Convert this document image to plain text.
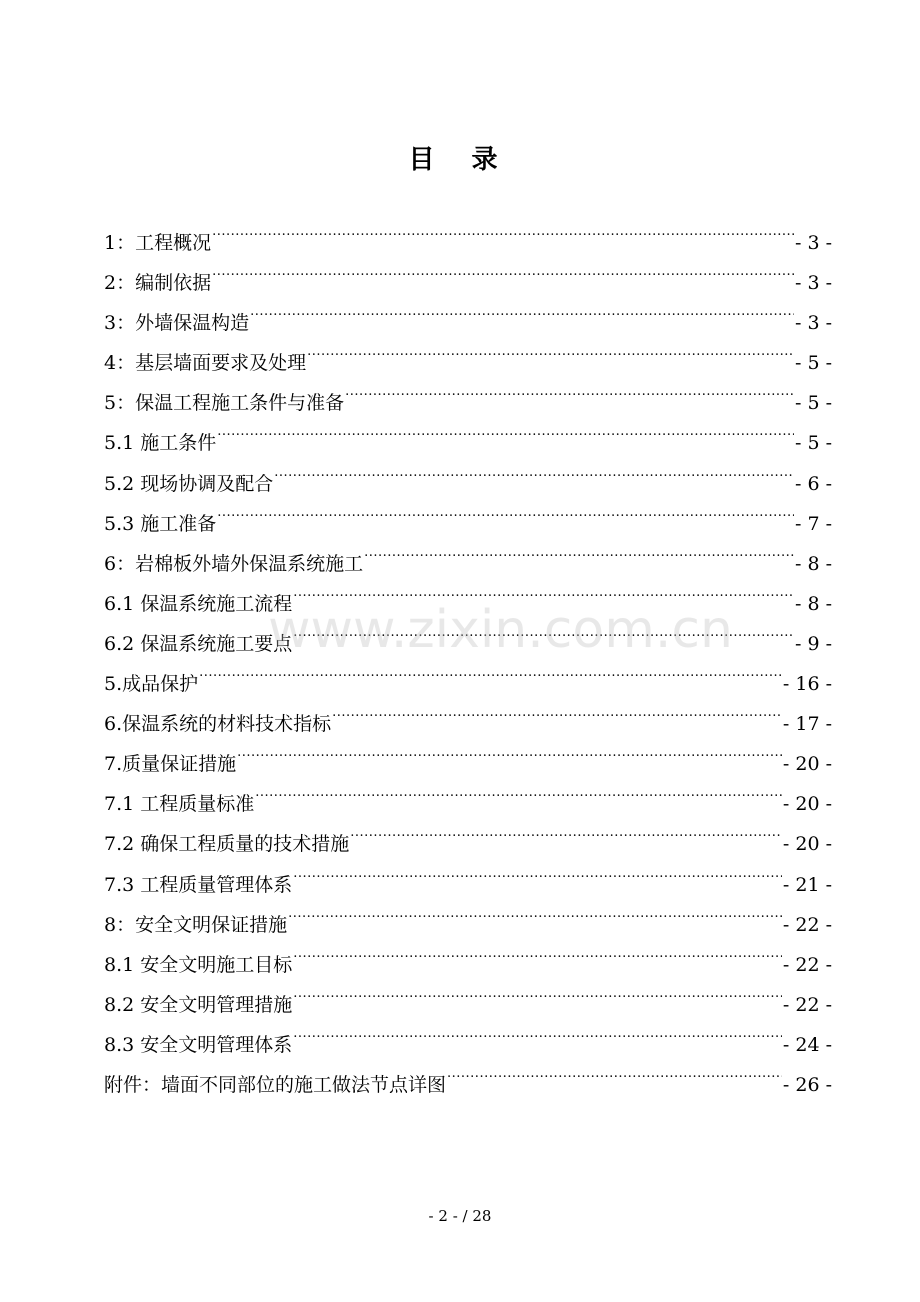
目 录
1：工程概况 .....	- 3 -
2：编制依据 .....	- 3 -
3：外墙保温构造 .....	- 3 -
4：基层墙面要求及处理 .....	- 5 -
5：保温工程施工条件与准备 .....	- 5 -
5.1 施工条件 .....	- 5 -
5.2 现场协调及配合 .....	- 6 -
5.3 施工准备 .....	- 7 -
6：岩棉板外墙外保温系统施工 .....	- 8 -
6.1 保温系统施工流程 .....	- 8 -
6.2 保温系统施工要点 .....	- 9 -
5.成品保护 .....	- 16 -
6.保温系统的材料技术指标 .....	- 17 -
7.质量保证措施 .....	- 20 -
7.1 工程质量标准 .....	- 20 -
7.2 确保工程质量的技术措施 .....	- 20 -
7.3 工程质量管理体系 .....	- 21 -
8：安全文明保证措施 .....	- 22 -
8.1 安全文明施工目标 .....	- 22 -
8.2 安全文明管理措施 .....	- 22 -
8.3 安全文明管理体系 .....	- 24 -
附件：墙面不同部位的施工做法节点详图 .....	- 26 -
www.zixin.com.cn
- 2 - / 28
